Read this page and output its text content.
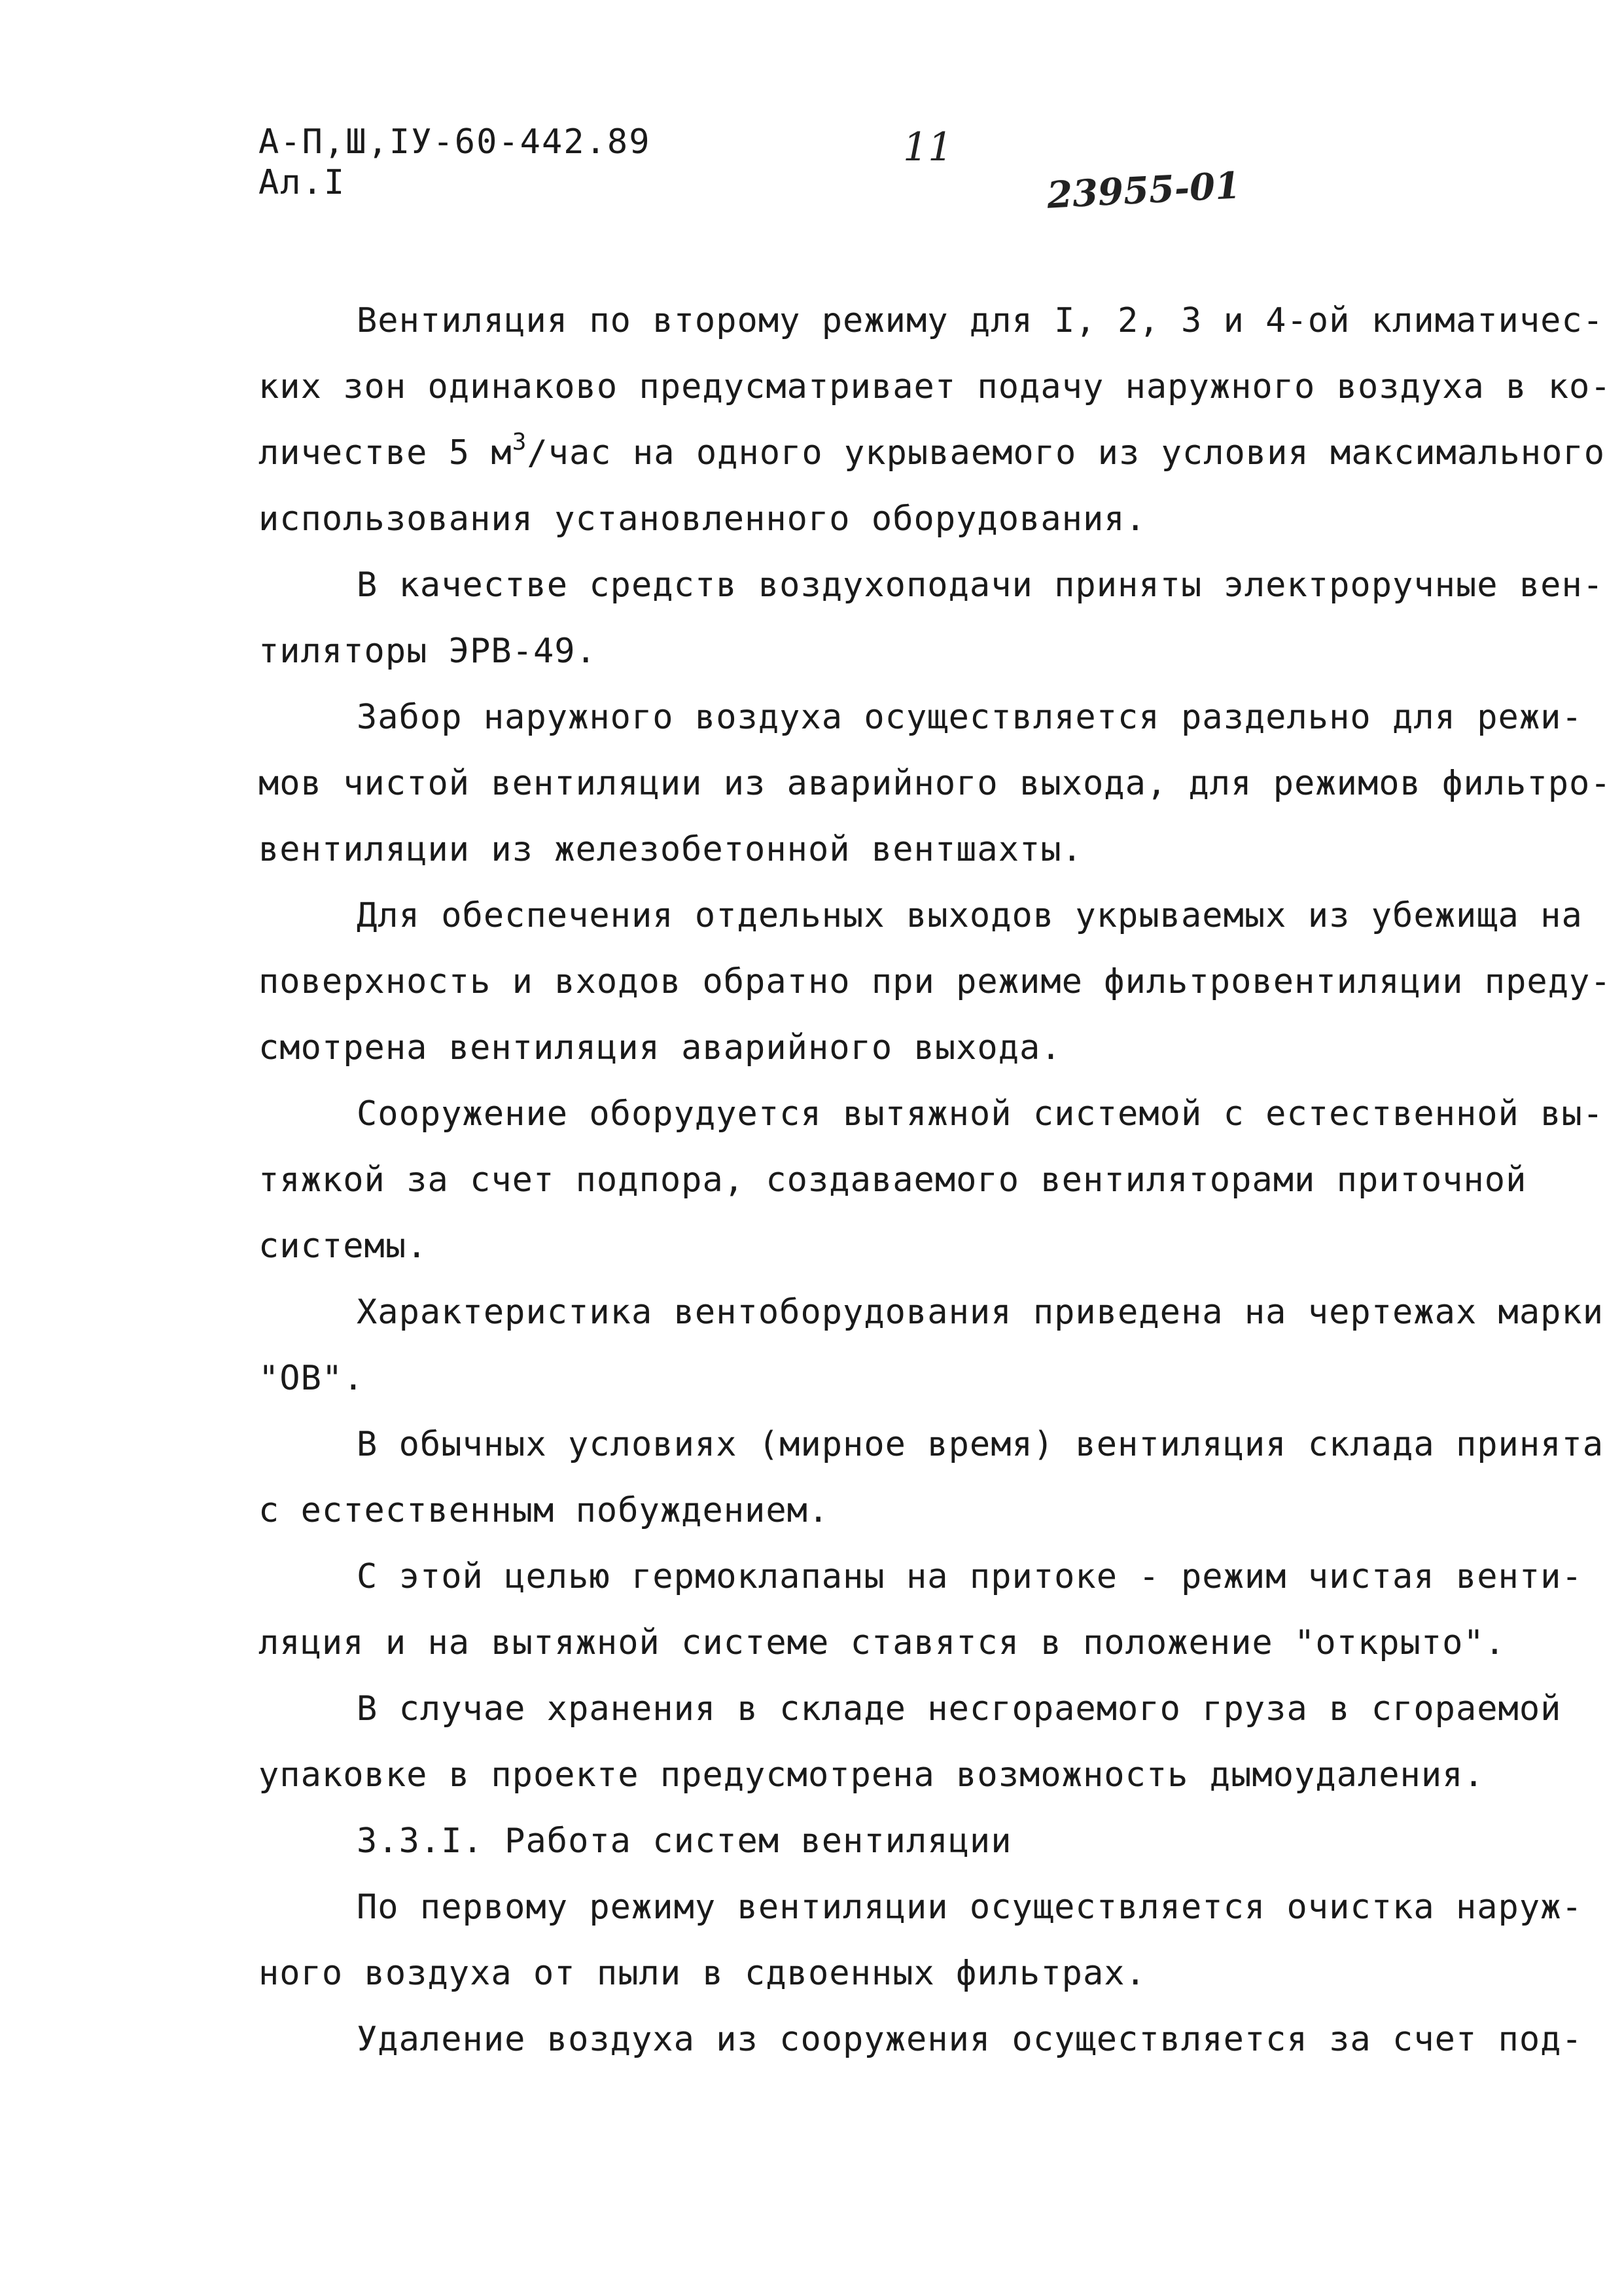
А-П,Ш,IУ-60-442.89
Ал.I
11
23955-01
Вентиляция по второму режиму для I, 2, 3 и 4-ой климатичес-
ких зон одинаково предусматривает подачу наружного воздуха в ко-
личестве 5 $м^3$/час на одного укрываемого из условия максимального
использования установленного оборудования.
В качестве средств воздухоподачи приняты электроручные вен-
тиляторы ЭРВ-49.
Забор наружного воздуха осуществляется раздельно для режи-
мов чистой вентиляции из аварийного выхода, для режимов фильтро-
вентиляции из железобетонной вентшахты.
Для обеспечения отдельных выходов укрываемых из убежища на
поверхность и входов обратно при режиме фильтровентиляции преду-
смотрена вентиляция аварийного выхода.
Сооружение оборудуется вытяжной системой с естественной вы-
тяжкой за счет подпора, создаваемого вентиляторами приточной
системы.
Характеристика вентоборудования приведена на чертежах марки
"ОВ".
В обычных условиях (мирное время) вентиляция склада принята
с естественным побуждением.
С этой целью гермоклапаны на притоке - режим чистая венти-
ляция и на вытяжной системе ставятся в положение "открыто".
В случае хранения в складе несгораемого груза в сгораемой
упаковке в проекте предусмотрена возможность дымоудаления.
3.3.I. Работа систем вентиляции
По первому режиму вентиляции осуществляется очистка наруж-
ного воздуха от пыли в сдвоенных фильтрах.
Удаление воздуха из сооружения осуществляется за счет под-
